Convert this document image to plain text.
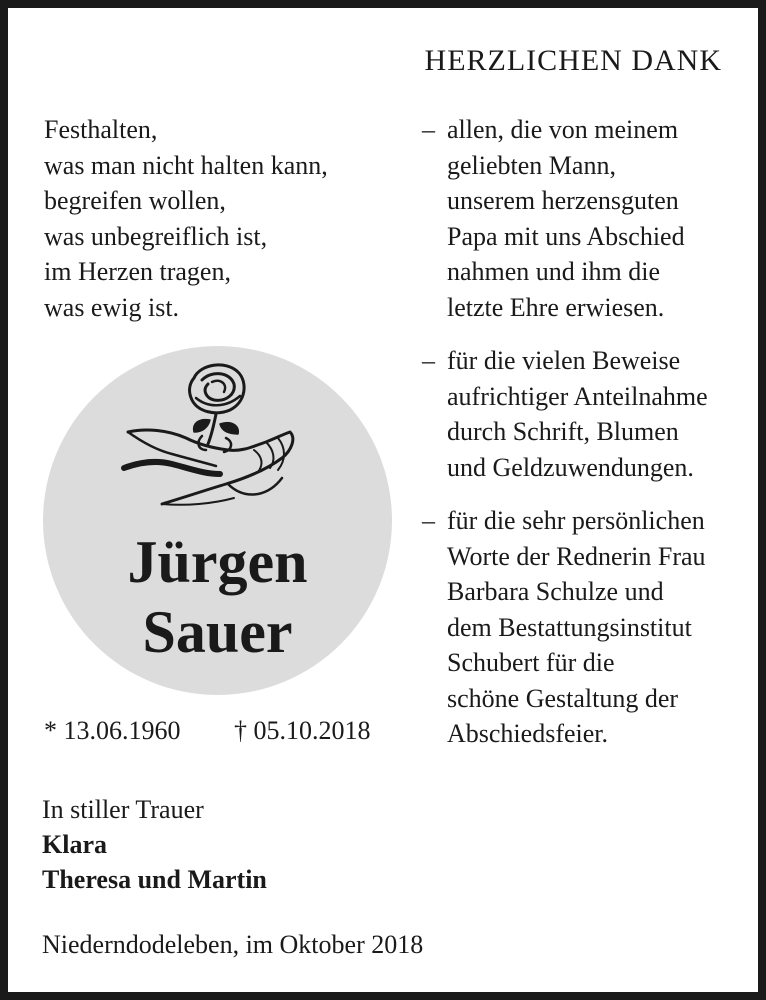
HERZLICHEN DANK
Festhalten,
was man nicht halten kann,
begreifen wollen,
was unbegreiflich ist,
im Herzen tragen,
was ewig ist.
Jürgen
Sauer
* 13.06.1960 † 05.10.2018
In stiller Trauer
Klara
Theresa und Martin
Niederndodeleben, im Oktober 2018
– allen, die von meinem
geliebten Mann,
unserem herzensguten
Papa mit uns Abschied
nahmen und ihm die
letzte Ehre erwiesen.
– für die vielen Beweise
aufrichtiger Anteilnahme
durch Schrift, Blumen
und Geldzuwendungen.
– für die sehr persönlichen
Worte der Rednerin Frau
Barbara Schulze und
dem Bestattungsinstitut
Schubert für die
schöne Gestaltung der
Abschiedsfeier.
